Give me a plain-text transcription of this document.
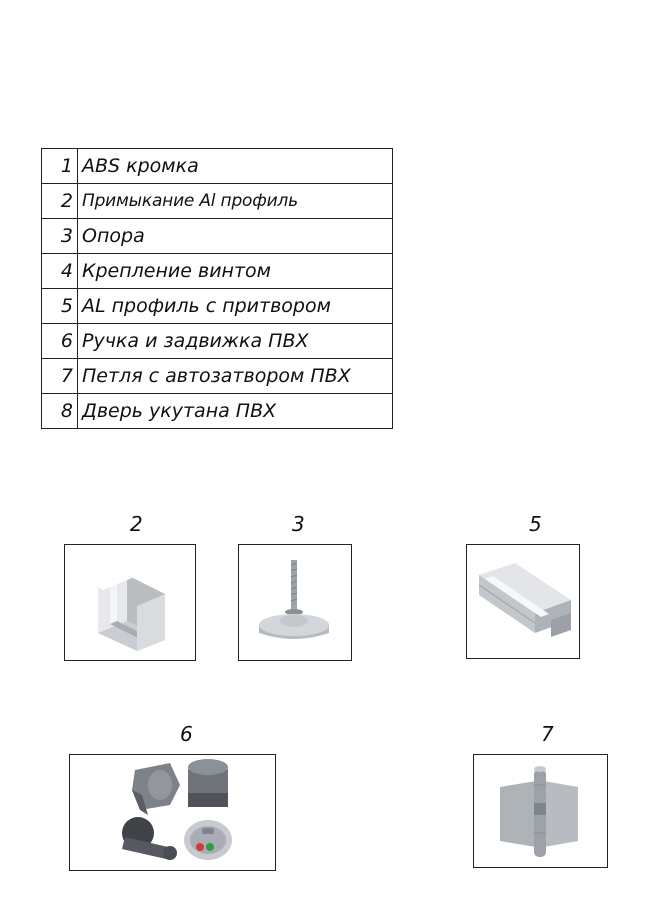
1	ABS кромка
2	Примыкание Al профиль
3	Опора
4	Крепление винтом
5	AL профиль с притвором
6	Ручка и задвижка ПВХ
7	Петля с автозатвором ПВХ
8	Дверь укутана ПВХ
2	3	5
6	7
